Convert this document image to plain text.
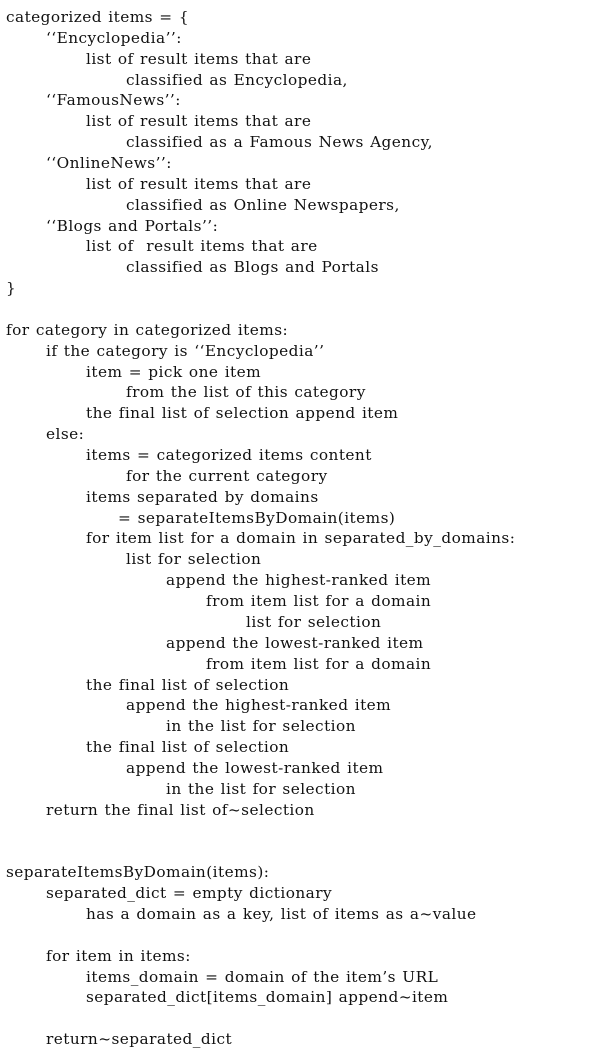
categorized items = {
‘‘Encyclopedia’’:
list of result items that are
classified as Encyclopedia,
‘‘FamousNews’’:
list of result items that are
classified as a Famous News Agency,
‘‘OnlineNews’’:
list of result items that are
classified as Online Newspapers,
‘‘Blogs and Portals’’:
list of  result items that are
classified as Blogs and Portals
}
for category in categorized items:
if the category is ‘‘Encyclopedia’’
item = pick one item
from the list of this category
the final list of selection append item
else:
items = categorized items content
for the current category
items separated by domains
= separateItemsByDomain(items)
for item list for a domain in separated_by_domains:
list for selection
append the highest-ranked item
from item list for a domain
list for selection
append the lowest-ranked item
from item list for a domain
the final list of selection
append the highest-ranked item
in the list for selection
the final list of selection
append the lowest-ranked item
in the list for selection
return the final list of~selection
separateItemsByDomain(items):
separated_dict = empty dictionary
has a domain as a key, list of items as a~value
for item in items:
items_domain = domain of the item’s URL
separated_dict[items_domain] append~item
return~separated_dict
